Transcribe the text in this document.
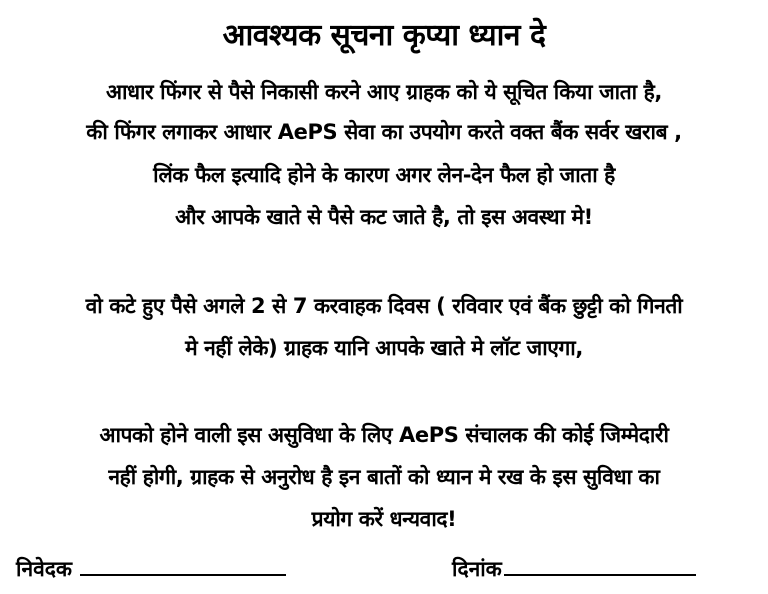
आवश्यक सूचना कृप्या ध्यान दे
आधार फिंगर से पैसे निकासी करने आए ग्राहक को ये सूचित किया जाता है,
की फिंगर लगाकर आधार AePS सेवा का उपयोग करते वक्त बैंक सर्वर खराब ,
लिंक फैल इत्यादि होने के कारण अगर लेन-देन फैल हो जाता है
और आपके खाते से पैसे कट जाते है, तो इस अवस्था मे!
वो कटे हुए पैसे अगले 2 से 7 करवाहक दिवस ( रविवार एवं बैंक छुट्टी को गिनती
मे नहीं लेके) ग्राहक यानि आपके खाते मे लॉट जाएगा,
आपको होने वाली इस असुविधा के लिए AePS संचालक की कोई जिम्मेदारी
नहीं होगी, ग्राहक से अनुरोध है इन बातों को ध्यान मे रख के इस सुविधा का
प्रयोग करें धन्यवाद!
निवेदक	दिनांक
